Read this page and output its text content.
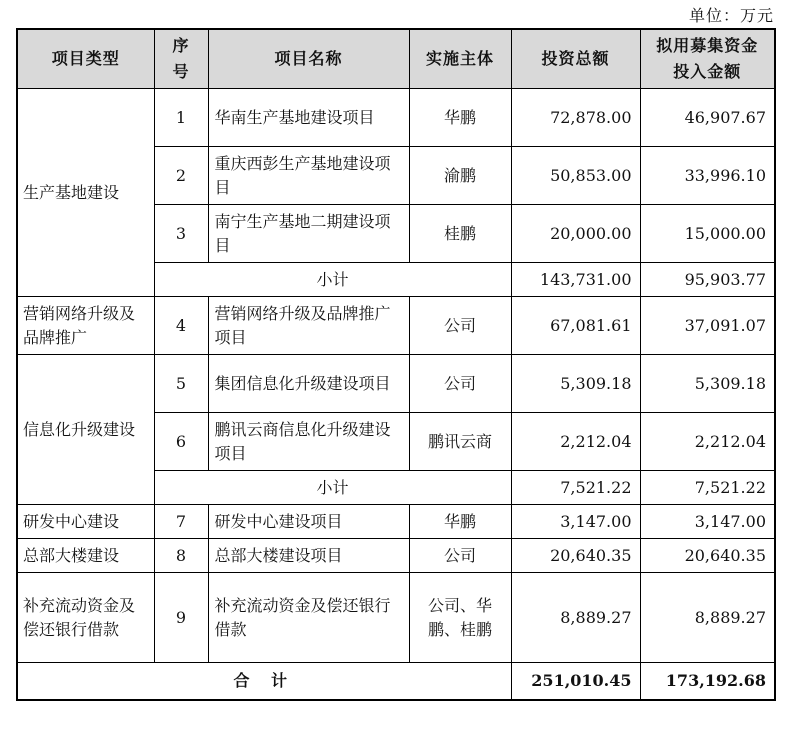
单位：万元
项目类型	序号	项目名称	实施主体	投资总额	拟用募集资金投入金额
生产基地建设	1	华南生产基地建设项目	华鹏	72,878.00	46,907.67
	2	重庆西彭生产基地建设项目	渝鹏	50,853.00	33,996.10
	3	南宁生产基地二期建设项目	桂鹏	20,000.00	15,000.00
	小计			143,731.00	95,903.77
营销网络升级及品牌推广	4	营销网络升级及品牌推广项目	公司	67,081.61	37,091.07
信息化升级建设	5	集团信息化升级建设项目	公司	5,309.18	5,309.18
	6	鹏讯云商信息化升级建设项目	鹏讯云商	2,212.04	2,212.04
	小计			7,521.22	7,521.22
研发中心建设	7	研发中心建设项目	华鹏	3,147.00	3,147.00
总部大楼建设	8	总部大楼建设项目	公司	20,640.35	20,640.35
补充流动资金及偿还银行借款	9	补充流动资金及偿还银行借款	公司、华鹏、桂鹏	8,889.27	8,889.27
合 计				251,010.45	173,192.68
